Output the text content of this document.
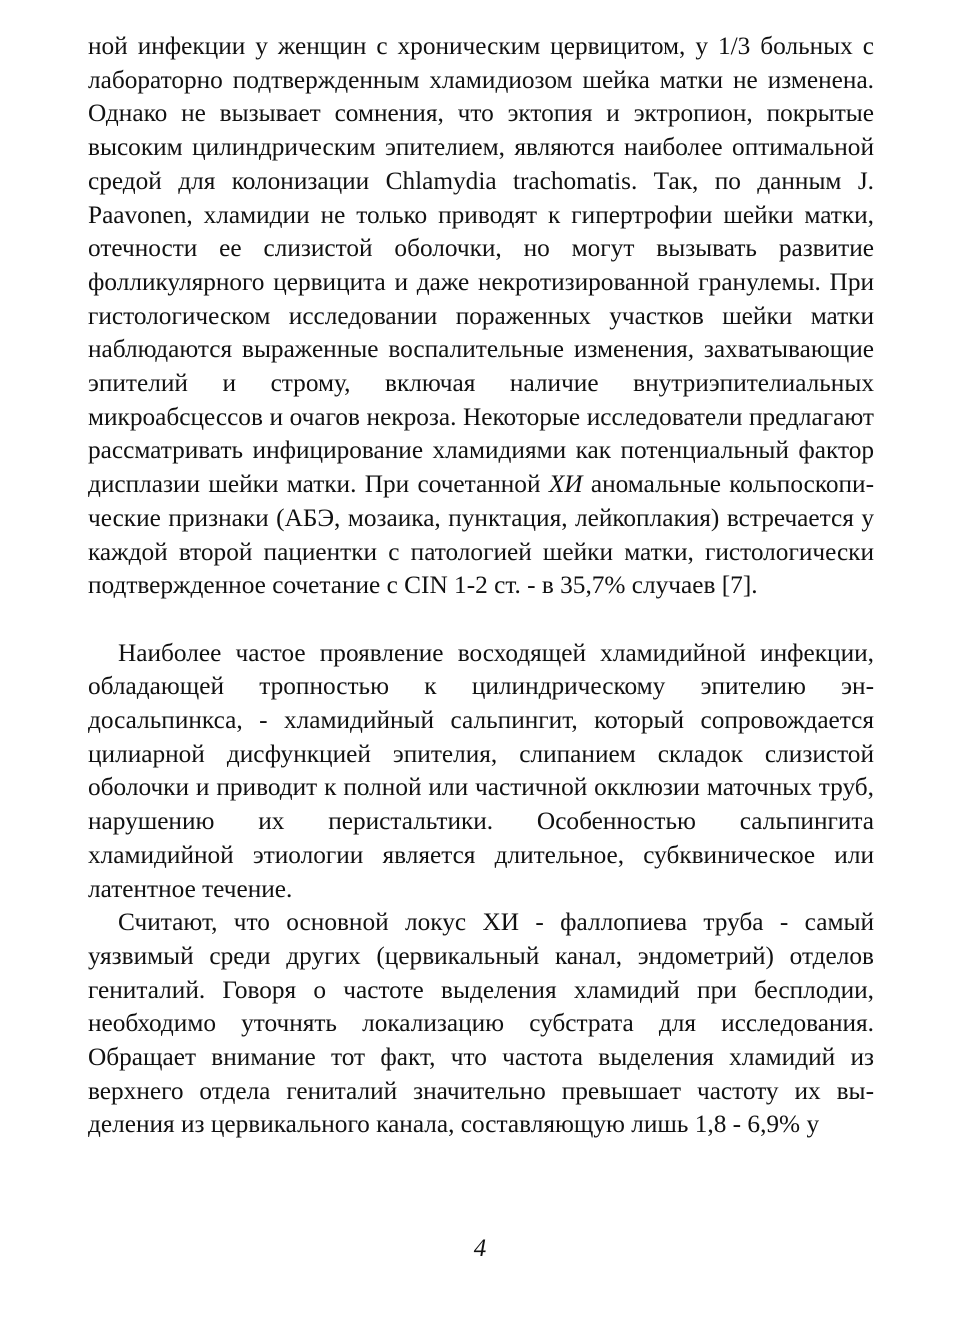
ной инфекции у женщин с хроническим цервицитом, у 1/3 больных с лабораторно подтвержденным хламидиозом шейка матки не изменена. Однако не вызывает сомнения, что эктопия и эктропион, покрытые высоким цилиндрическим эпителием, являются наиболее оптимальной средой для колонизации Chlamydia trachomatis. Так, по данным J. Paavonen, хламидии не только приводят к гипертрофии шейки матки, отечности ее слизистой оболочки, но могут вызывать развитие фолликулярного цервицита и даже некротизированной гранулемы. При гистологическом исследовании пораженных участков шейки матки наблюдаются выраженные воспалительные изменения, захватывающие эпителий и строму, включая наличие внутриэпителиальных микроабсцессов и очагов некроза. Некоторые исследователи предлагают рассматривать инфицирование хламидиями как потенциальный фактор дисплазии шейки матки. При сочетанной ХИ аномальные кольпоскопические признаки (АБЭ, мозаика, пунктация, лейкоплакия) встречается у каждой второй пациентки с патологией шейки матки, гистологически подтвержденное сочетание с CIN 1-2 ст. - в 35,7% случаев [7].

Наиболее частое проявление восходящей хламидийной инфекции, обладающей тропностью к цилиндрическому эпителию эндосальпинкса, - хламидийный сальпингит, который сопровождается цилиарной дисфункцией эпителия, слипанием складок слизистой оболочки и приводит к полной или частичной окклюзии маточных труб, нарушению их перистальтики. Особенностью сальпингита хламидийной этиологии является длительное, субквиническое или латентное течение.

Считают, что основной локус ХИ - фаллопиева труба - самый уязвимый среди других (цервикальный канал, эндометрий) отделов гениталий. Говоря о частоте выделения хламидий при бесплодии, необходимо уточнять локализацию субстрата для исследования. Обращает внимание тот факт, что частота выделения хламидий из верхнего отдела гениталий значительно превышает частоту их выделения из цервикального канала, составляющую лишь 1,8 - 6,9% у

4
